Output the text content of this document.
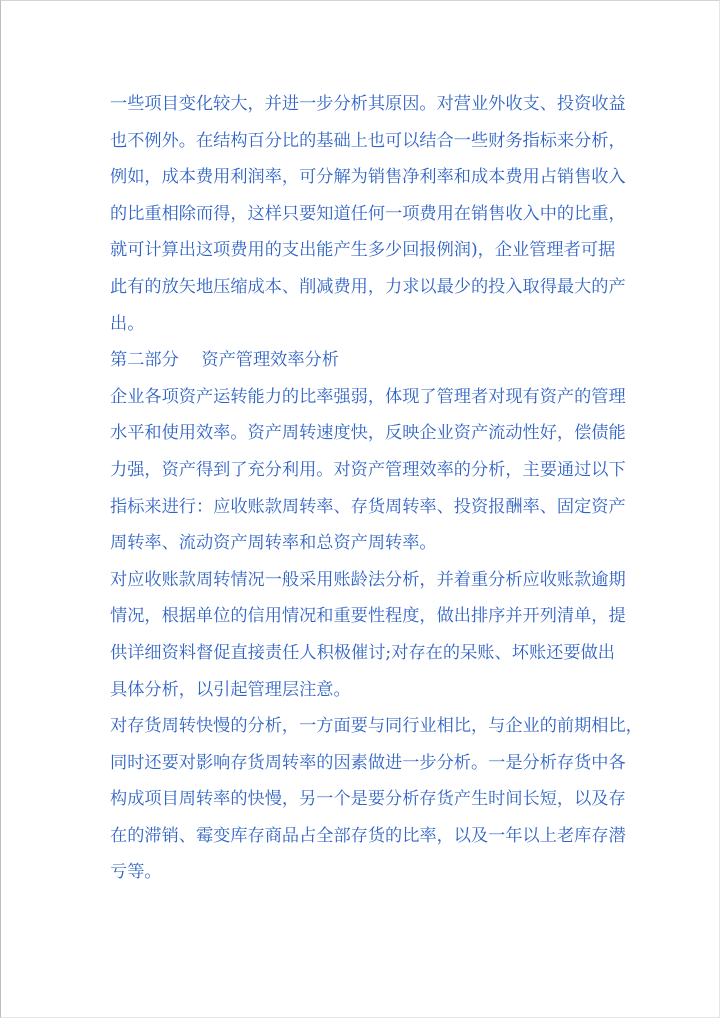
一些项目变化较大，并进一步分析其原因。对营业外收支、投资收益
也不例外。在结构百分比的基础上也可以结合一些财务指标来分析，
例如，成本费用利润率，可分解为销售净利率和成本费用占销售收入
的比重相除而得，这样只要知道任何一项费用在销售收入中的比重，
就可计算出这项费用的支出能产生多少回报例润)，企业管理者可据
此有的放矢地压缩成本、削减费用，力求以最少的投入取得最大的产
出。
第二部分　 资产管理效率分析
企业各项资产运转能力的比率强弱，体现了管理者对现有资产的管理
水平和使用效率。资产周转速度快，反映企业资产流动性好，偿债能
力强，资产得到了充分利用。对资产管理效率的分析，主要通过以下
指标来进行：应收账款周转率、存货周转率、投资报酬率、固定资产
周转率、流动资产周转率和总资产周转率。
对应收账款周转情况一般采用账龄法分析，并着重分析应收账款逾期
情况，根据单位的信用情况和重要性程度，做出排序并开列清单，提
供详细资料督促直接责任人积极催讨;对存在的呆账、坏账还要做出
具体分析，以引起管理层注意。
对存货周转快慢的分析，一方面要与同行业相比，与企业的前期相比，
同时还要对影响存货周转率的因素做进一步分析。一是分析存货中各
构成项目周转率的快慢，另一个是要分析存货产生时间长短，以及存
在的滞销、霉变库存商品占全部存货的比率，以及一年以上老库存潜
亏等。
